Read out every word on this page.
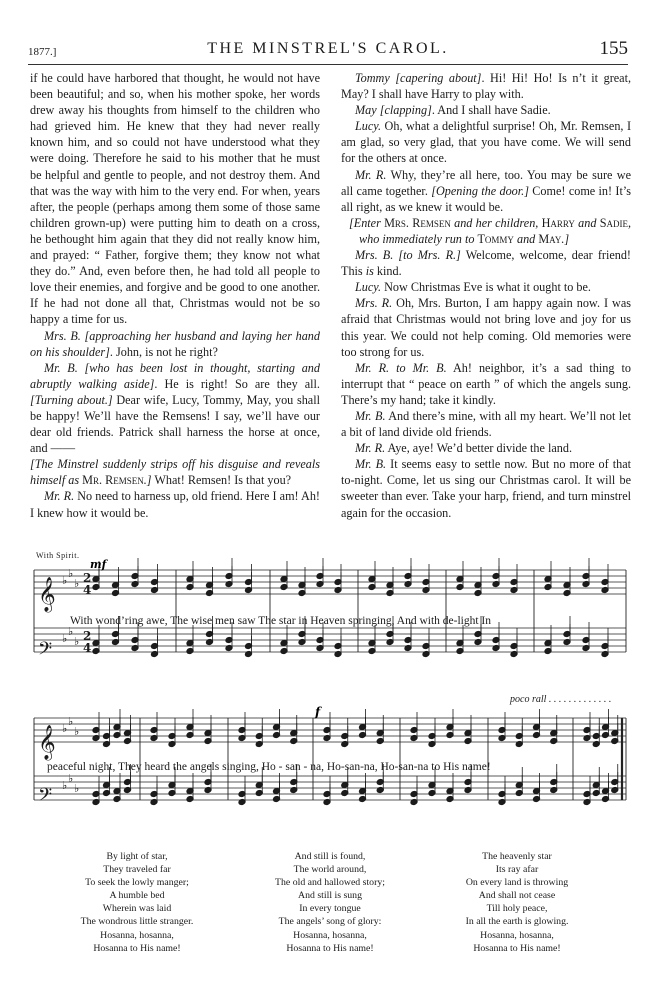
1877.]	THE MINSTREL'S CAROL.	155

if he could have harbored that thought, he would not have been beautiful; and so, when his mother spoke, her words drew away his thoughts from himself to the children who had grieved him. He knew that they had never really known him, and so could not have understood what they were doing. Therefore he said to his mother that he must be helpful and gentle to people, and not destroy them. And that was the way with him to the very end. For when, years after, the people (perhaps among them some of those same children grown-up) were putting him to death on a cross, he bethought him again that they did not really know him, and prayed: “ Father, forgive them; they know not what they do.” And, even before then, he had told all people to love their enemies, and forgive and be good to one another. If he had not done all that, Christmas would not be so happy a time for us.

Mrs. B. [approaching her husband and laying her hand on his shoulder]. John, is not he right?

Mr. B. [who has been lost in thought, starting and abruptly walking aside]. He is right! So are they all. [Turning about.] Dear wife, Lucy, Tommy, May, you shall be happy! We’ll have the Remsens! I say, we’ll have our dear old friends. Patrick shall harness the horse at once, and ——

[The Minstrel suddenly strips off his disguise and reveals himself as Mr. Remsen.] What! Remsen! Is that you?

Mr. R. No need to harness up, old friend. Here I am! Ah! I knew how it would be.

Tommy [capering about]. Hi! Hi! Ho! Is n’t it great, May? I shall have Harry to play with.

May [clapping]. And I shall have Sadie.

Lucy. Oh, what a delightful surprise! Oh, Mr. Remsen, I am glad, so very glad, that you have come. We will send for the others at once.

Mr. R. Why, they’re all here, too. You may be sure we all came together. [Opening the door.] Come! come in! It’s all right, as we knew it would be.

[Enter Mrs. Remsen and her children, Harry and Sadie, who immediately run to Tommy and May.]

Mrs. B. [to Mrs. R.] Welcome, welcome, dear friend! This is kind.

Lucy. Now Christmas Eve is what it ought to be.

Mrs. R. Oh, Mrs. Burton, I am happy again now. I was afraid that Christmas would not bring love and joy for us this year. We could not help coming. Old memories were too strong for us.

Mr. R. to Mr. B. Ah! neighbor, it’s a sad thing to interrupt that “ peace on earth ” of which the angels sung. There’s my hand; take it kindly.

Mr. B. And there’s mine, with all my heart. We’ll not let a bit of land divide old friends.

Mr. R. Aye, aye! We’d better divide the land.

Mr. B. It seems easy to settle now. But no more of that to-night. Come, let us sing our Christmas carol. It will be sweeter than ever. Take your harp, friend, and turn minstrel again for the occasion.

With Spirit.
𝄞
𝄢
𝄞
𝄢
♭
♭
♭
♭
♭
♭
♭
♭
♭
♭
♭
♭
2
4
2
4
mf
f
With wond’ring awe, The wise men saw The star in Heaven springing, And with de-light In
peaceful night, They heard the angels singing, Ho - san - na, Ho-san-na, Ho-san-na to His name!
poco rall . . . . . . . . . . . . .
By light of star,
They traveled far
To seek the lowly manger;
A humble bed
Wherein was laid
The wondrous little stranger.
Hosanna, hosanna,
Hosanna to His name!
And still is found,
The world around,
The old and hallowed story;
And still is sung
In every tongue
The angels’ song of glory:
Hosanna, hosanna,
Hosanna to His name!
The heavenly star
Its ray afar
On every land is throwing
And shall not cease
Till holy peace,
In all the earth is glowing.
Hosanna, hosanna,
Hosanna to His name!
